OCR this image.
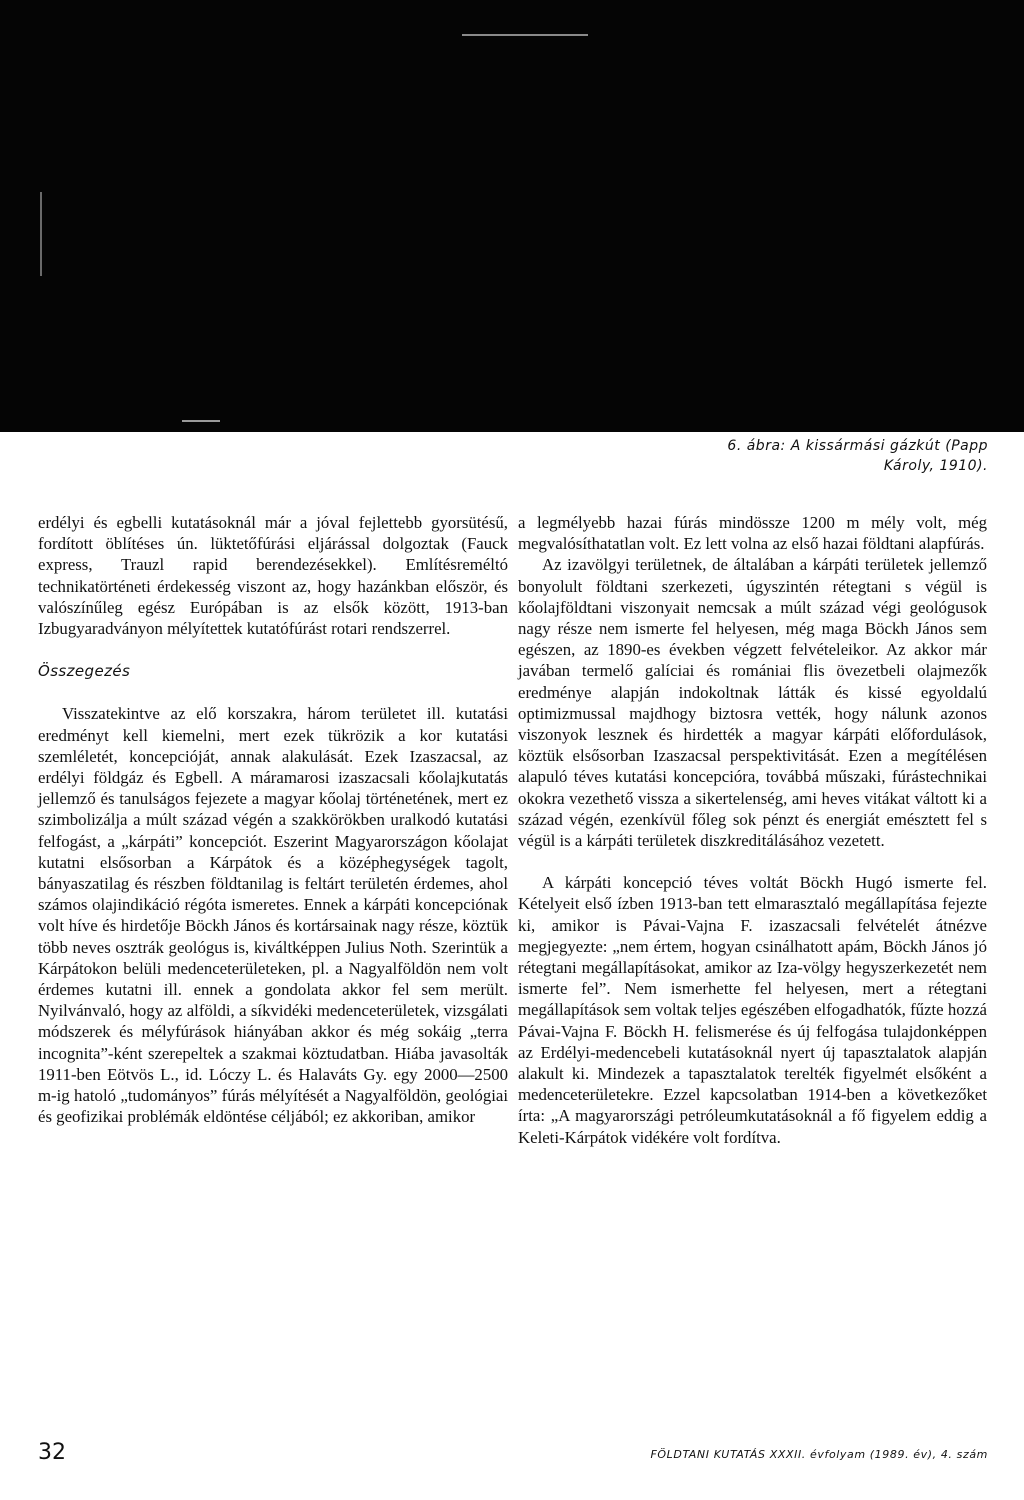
6. ábra: A kissármási gázkút (Papp
Károly, 1910).

erdélyi és egbelli kutatásoknál már a jóval fejlettebb gyorsütésű, fordított öblítéses ún. lüktetőfúrási eljárással dolgoztak (Fauck express, Trauzl rapid berendezésekkel). Említésreméltó technikatörténeti érdekesség viszont az, hogy hazánkban először, és valószínűleg egész Európában is az elsők között, 1913-ban Izbugyaradványon mélyítettek kutatófúrást rotari rendszerrel.

Összegezés

Visszatekintve az elő korszakra, három területet ill. kutatási eredményt kell kiemelni, mert ezek tükrözik a kor kutatási szemléletét, koncepcióját, annak alakulását. Ezek Izaszacsal, az erdélyi földgáz és Egbell. A máramarosi izaszacsali kőolajkutatás jellemző és tanulságos fejezete a magyar kőolaj történetének, mert ez szimbolizálja a múlt század végén a szakkörökben uralkodó kutatási felfogást, a „kárpáti” koncepciót. Eszerint Magyarországon kőolajat kutatni elsősorban a Kárpátok és a középhegységek tagolt, bányaszatilag és részben földtanilag is feltárt területén érdemes, ahol számos olajindikáció régóta ismeretes. Ennek a kárpáti koncepciónak volt híve és hirdetője Böckh János és kortársainak nagy része, köztük több neves osztrák geológus is, kiváltképpen Julius Noth. Szerintük a Kárpátokon belüli medenceterületeken, pl. a Nagyalföldön nem volt érdemes kutatni ill. ennek a gondolata akkor fel sem merült. Nyilvánvaló, hogy az alföldi, a síkvidéki medenceterületek, vizsgálati módszerek és mélyfúrások hiányában akkor és még sokáig „terra incognita”-ként szerepeltek a szakmai köztudatban. Hiába javasolták 1911-ben Eötvös L., id. Lóczy L. és Halaváts Gy. egy 2000—2500 m-ig hatoló „tudományos” fúrás mélyítését a Nagyalföldön, geológiai és geofizikai problémák eldöntése céljából; ez akkoriban, amikor

a legmélyebb hazai fúrás mindössze 1200 m mély volt, még megvalósíthatatlan volt. Ez lett volna az első hazai földtani alapfúrás.

Az izavölgyi területnek, de általában a kárpáti területek jellemző bonyolult földtani szerkezeti, úgyszintén rétegtani s végül is kőolajföldtani viszonyait nemcsak a múlt század végi geológusok nagy része nem ismerte fel helyesen, még maga Böckh János sem egészen, az 1890-es években végzett felvételeikor. Az akkor már javában termelő galíciai és romániai flis övezetbeli olajmezők eredménye alapján indokoltnak látták és kissé egyoldalú optimizmussal majdhogy biztosra vették, hogy nálunk azonos viszonyok lesznek és hirdették a magyar kárpáti előfordulások, köztük elsősorban Izaszacsal perspektivitását. Ezen a megítélésen alapuló téves kutatási koncepcióra, továbbá műszaki, fúrástechnikai okokra vezethető vissza a sikertelenség, ami heves vitákat váltott ki a század végén, ezenkívül főleg sok pénzt és energiát emésztett fel s végül is a kárpáti területek diszkreditálásához vezetett.

A kárpáti koncepció téves voltát Böckh Hugó ismerte fel. Kételyeit első ízben 1913-ban tett elmarasztaló megállapítása fejezte ki, amikor is Pávai-Vajna F. izaszacsali felvételét átnézve megjegyezte: „nem értem, hogyan csinálhatott apám, Böckh János jó rétegtani megállapításokat, amikor az Iza-völgy hegyszerkezetét nem ismerte fel”. Nem ismerhette fel helyesen, mert a rétegtani megállapítások sem voltak teljes egészében elfogadhatók, fűzte hozzá Pávai-Vajna F. Böckh H. felismerése és új felfogása tulajdonképpen az Erdélyi-medencebeli kutatásoknál nyert új tapasztalatok alapján alakult ki. Mindezek a tapasztalatok terelték figyelmét elsőként a medenceterületekre. Ezzel kapcsolatban 1914-ben a következőket írta: „A magyarországi petróleumkutatásoknál a fő figyelem eddig a Keleti-Kárpátok vidékére volt fordítva.

32	FÖLDTANI KUTATÁS XXXII. évfolyam (1989. év), 4. szám
